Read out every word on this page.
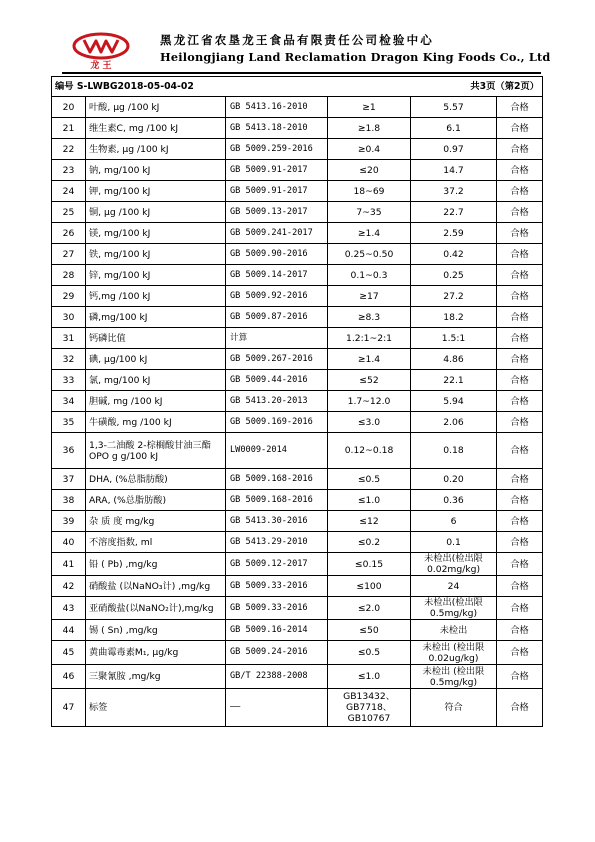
龙 王
黑龙江省农垦龙王食品有限责任公司检验中心
Heilongjiang Land Reclamation Dragon King Foods Co., Ltd
编号 S-LWBG2018-05-04-02 共3页（第2页）					

20	叶酸, μg /100 kJ	GB 5413.16-2010	≥1	5.57	合格
21	维生素C, mg /100 kJ	GB 5413.18-2010	≥1.8	6.1	合格
22	生物素, μg /100 kJ	GB 5009.259-2016	≥0.4	0.97	合格
23	钠, mg/100 kJ	GB 5009.91-2017	≤20	14.7	合格
24	钾, mg/100 kJ	GB 5009.91-2017	18~69	37.2	合格
25	铜, μg /100 kJ	GB 5009.13-2017	7~35	22.7	合格
26	镁, mg/100 kJ	GB 5009.241-2017	≥1.4	2.59	合格
27	铁, mg/100 kJ	GB 5009.90-2016	0.25~0.50	0.42	合格
28	锌, mg/100 kJ	GB 5009.14-2017	0.1~0.3	0.25	合格
29	钙,mg /100 kJ	GB 5009.92-2016	≥17	27.2	合格
30	磷,mg/100 kJ	GB 5009.87-2016	≥8.3	18.2	合格
31	钙磷比值	计算	1.2:1~2:1	1.5:1	合格
32	碘, μg/100 kJ	GB 5009.267-2016	≥1.4	4.86	合格
33	氯, mg/100 kJ	GB 5009.44-2016	≤52	22.1	合格
34	胆碱, mg /100 kJ	GB 5413.20-2013	1.7~12.0	5.94	合格
35	牛磺酸, mg /100 kJ	GB 5009.169-2016	≤3.0	2.06	合格
36	1,3-二油酸 2-棕榈酸甘油三酯 OPO g g/100 kJ	LW0009-2014	0.12~0.18	0.18	合格
37	DHA, (%总脂肪酸)	GB 5009.168-2016	≤0.5	0.20	合格
38	ARA, (%总脂肪酸)	GB 5009.168-2016	≤1.0	0.36	合格
39	杂 质 度 mg/kg	GB 5413.30-2016	≤12	6	合格
40	不溶度指数, ml	GB 5413.29-2010	≤0.2	0.1	合格
41	铅 ( Pb) ,mg/kg	GB 5009.12-2017	≤0.15	未检出(检出限0.02mg/kg)	合格
42	硝酸盐 (以NaNO₃计) ,mg/kg	GB 5009.33-2016	≤100	24	合格
43	亚硝酸盐(以NaNO₂计),mg/kg	GB 5009.33-2016	≤2.0	未检出(检出限0.5mg/kg)	合格
44	锡 ( Sn) ,mg/kg	GB 5009.16-2014	≤50	未检出	合格
45	黄曲霉毒素M₁, μg/kg	GB 5009.24-2016	≤0.5	未检出 (检出限0.02ug/kg)	合格
46	三聚氰胺 ,mg/kg	GB/T 22388-2008	≤1.0	未检出 (检出限0.5mg/kg)	合格
47	标签	——	GB13432、GB7718、GB10767	符合	合格
